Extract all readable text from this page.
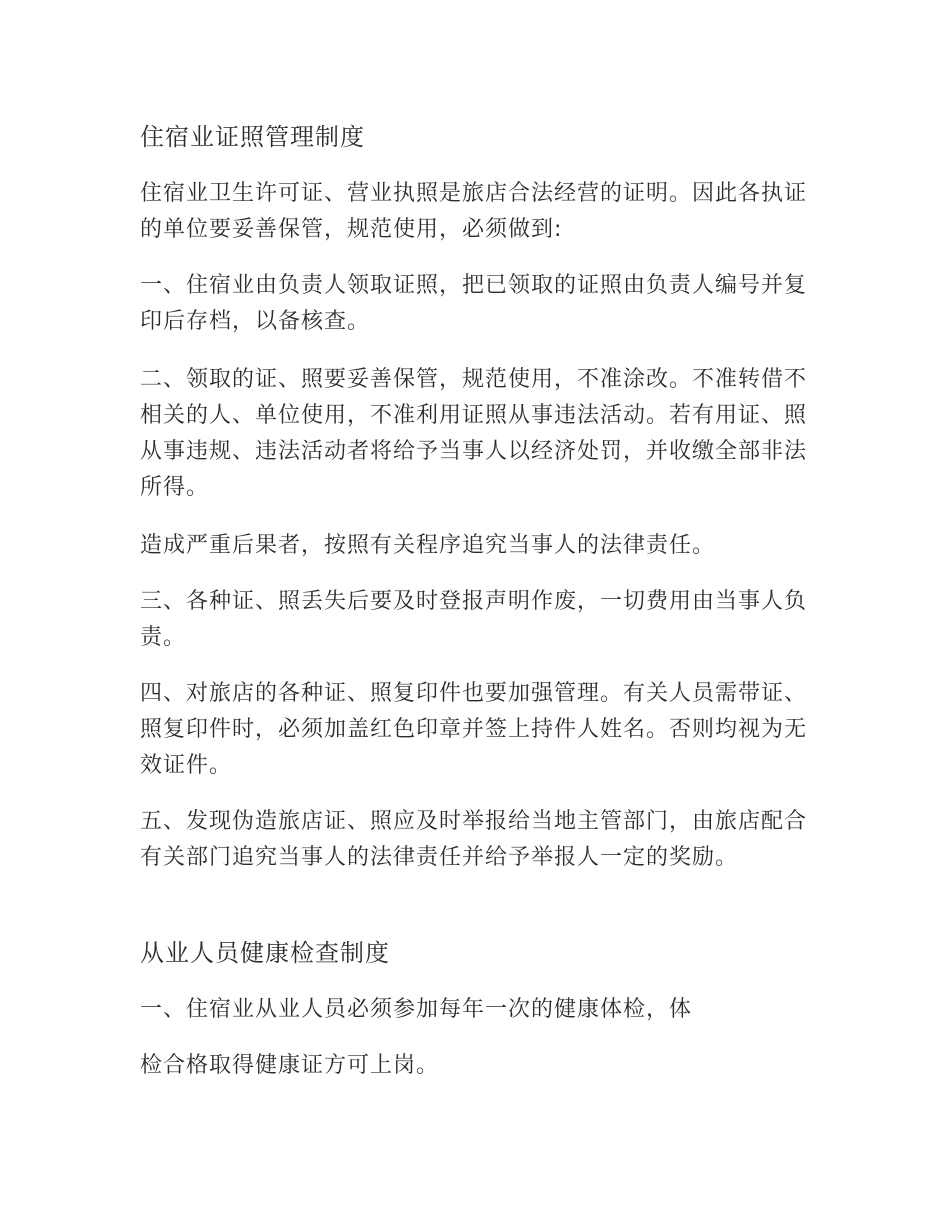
住宿业证照管理制度

住宿业卫生许可证、营业执照是旅店合法经营的证明。因此各执证的单位要妥善保管，规范使用，必须做到:

一、住宿业由负责人领取证照，把已领取的证照由负责人编号并复印后存档，以备核查。

二、领取的证、照要妥善保管，规范使用，不准涂改。不准转借不相关的人、单位使用，不准利用证照从事违法活动。若有用证、照从事违规、违法活动者将给予当事人以经济处罚，并收缴全部非法所得。

造成严重后果者，按照有关程序追究当事人的法律责任。

三、各种证、照丢失后要及时登报声明作废，一切费用由当事人负责。

四、对旅店的各种证、照复印件也要加强管理。有关人员需带证、照复印件时，必须加盖红色印章并签上持件人姓名。否则均视为无效证件。

五、发现伪造旅店证、照应及时举报给当地主管部门，由旅店配合有关部门追究当事人的法律责任并给予举报人一定的奖励。

从业人员健康检查制度

一、住宿业从业人员必须参加每年一次的健康体检，体

检合格取得健康证方可上岗。
